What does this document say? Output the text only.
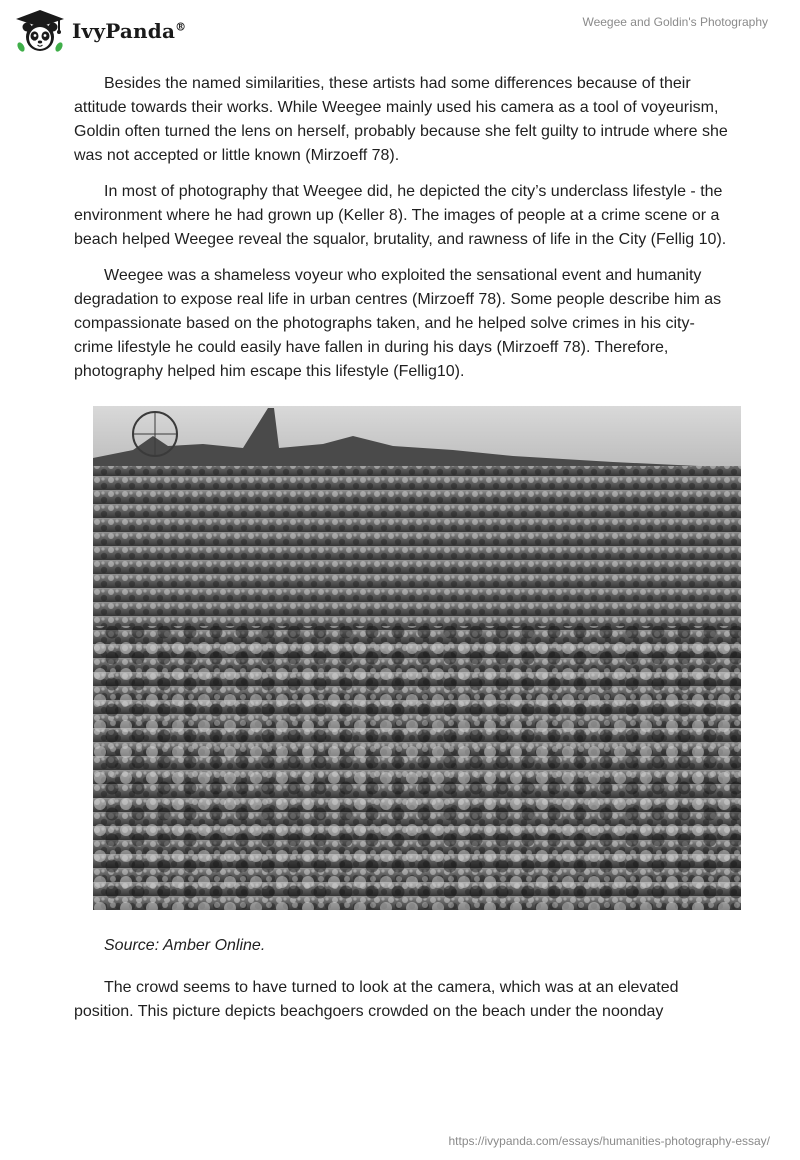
IvyPanda®	Weegee and Goldin's Photography

Besides the named similarities, these artists had some differences because of their attitude towards their works. While Weegee mainly used his camera as a tool of voyeurism, Goldin often turned the lens on herself, probably because she felt guilty to intrude where she was not accepted or little known (Mirzoeff 78).

In most of photography that Weegee did, he depicted the city’s underclass lifestyle - the environment where he had grown up (Keller 8). The images of people at a crime scene or a beach helped Weegee reveal the squalor, brutality, and rawness of life in the City (Fellig 10).

Weegee was a shameless voyeur who exploited the sensational event and humanity degradation to expose real life in urban centres (Mirzoeff 78). Some people describe him as compassionate based on the photographs taken, and he helped solve crimes in his city- crime lifestyle he could easily have fallen in during his days (Mirzoeff 78). Therefore, photography helped him escape this lifestyle (Fellig10).

Source: Amber Online.

The crowd seems to have turned to look at the camera, which was at an elevated position. This picture depicts beachgoers crowded on the beach under the noonday

https://ivypanda.com/essays/humanities-photography-essay/
